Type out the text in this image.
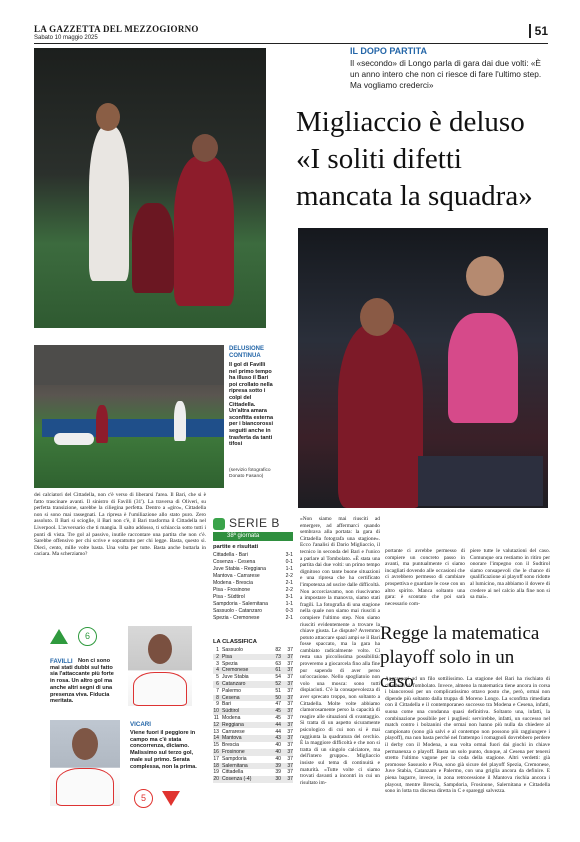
LA GAZZETTA DEL MEZZOGIORNO
Sabato 10 maggio 2025	51
DELUSIONE CONTINUA
Il gol di Favilli nel primo tempo ha illuso il Bari poi crollato nella ripresa sotto i colpi del Cittadella. Un'altra amara sconfitta esterna per i biancorossi seguiti anche in trasferta da tanti tifosi
(servizio fotografico Donato Fasano)
IL DOPO PARTITA
Il «secondo» di Longo parla di gara dai due volti: «È un anno intero che non ci riesce di fare l'ultimo step. Ma vogliamo crederci»
Migliaccio è deluso «I soliti difetti mancata la squadra»
dei calciatori del Cittadella, non c'è verso di liberarsi l'area. Il Bari, che si è fatto trascinare avanti. Il sinistro di Favilli (31'). La traversa di Oliveri, su perfetta transizione, sarebbe la ciliegina perfetta. Dentro a «giro», Cittadella non si sono mai rassegnati. La ripresa è l'umiliazione allo stato puro. Zero assoluto. Il Bari si scioglie, il Bari non c'è, il Bari trasforma il Cittadella nel Liverpool. L'avversario che ti mangia. Il salto addosso, ti schiaccia sotto tutti i punti di vista. Tre gol al passivo, inutile raccontare una partita che non c'è. Sarebbe offensivo per chi scrive e soprattutto per chi legge. Basta, questo sì. Dieci, cento, mille volte basta. Una volta per tutte. Basta anche buttarla in caciara. Ma scherziamo?
SERIE B
38ª giornata
partite e risultati
Cittadella - Bari	3-1
Cosenza - Cesena	0-1
Juve Stabia - Reggiana	1-1
Mantova - Carrarese	2-2
Modena - Brescia	2-1
Pisa - Frosinone	2-2
Pisa - Südtirol	3-1
Sampdoria - Salernitana	1-1
Sassuolo - Catanzaro	0-3
Spezia - Cremonese	2-1
LA CLASSIFICA
1 Sassuolo	82	37
2 Pisa	73	37
3 Spezia	63	37
4 Cremonese	61	37
5 Juve Stabia	54	37
6 Catanzaro	52	37
7 Palermo	51	37
8 Cesena	50	37
9 Bari	47	37
10 Südtirol	45	37
11 Modena	45	37
12 Reggiana	44	37
13 Carrarese	44	37
14 Mantova	43	37
15 Brescia	40	37
16 Frosinone	40	37
17 Sampdoria	40	37
18 Salernitana	39	37
19 Cittadella	39	37
20 Cosenza (-4)	30	37
«Non siamo mai riusciti ad emergere, ad affermarci quando sembrava alla portata: la gara di Cittadella fotografa una stagione». Ecco l'analisi di Dario Migliaccio, il tecnico in seconda del Bari e l'unico a parlare al Tombolato. «È stata una partita dai due volti: un primo tempo dignitoso con tante buone situazioni e una ripresa che ha certificato l'impotenza ad uscire dalle difficoltà. Non accorciavamo, non riuscivamo a impostare la manovra, siamo stati fragili. La fotografia di una stagione nella quale non siamo mai riusciti a compiere l'ultimo step. Non siamo riusciti evidentemente a trovare la chiave giusta. Le dispute? Avremmo potuto attaccare spazi ampi se il Bari fosse spaccato, ma la gara ha cambiato radicalmente volto. Ci resta una piccolissima possibilità: proveremo a giocarcela fino alla fine pur sapendo di aver perso un'occasione. Nello spogliatoio non volo una mosca: sono tutti dispiaciuti. C'è la consapevolezza di aver sprecato troppo, non soltanto a Cittadella. Molte volte abbiamo clamorosamente perso la capacità di reagire alle situazioni di svantaggio. Si tratta di un aspetto sicuramente psicologico di cui non si è mai raggiunta la quadratura del cerchio. È la maggiore difficoltà e che non si tratta di un singolo calciatore, ma dell'intero gruppo». Migliaccio insiste sul tema di continuità e maturità. «Tutte volte ci siamo trovati davanti a incontri in cui un risultato im-
portante ci avrebbe permesso di compiere un concreto passo in avanti, ma puntualmente ci siamo incagliati dovendo alle occasioni che ci avrebbero permesso di cambiare prospettiva e guardare le cose con un altro spirito. Manca soltanto una gara: è scontato che poi sarà necessario com-
piere tutte le valutazioni del caso. Comunque ora restiamo in ritiro per onorare l'impegno con il Sudtirol siamo consapevoli che le chance di qualificazione ai playoff sono ridotte al lumicino, ma abbiamo il dovere di credere ai nel calcio alla fine non si sa mai».
Regge la matematica playoff solo in un caso
Aggrappati ad un filo sottilissimo. La stagione del Bari ha rischiato di chiudersi al Tombolato. Invece, almeno la matematica tiene ancora in corsa i biancorossi per un complicatissimo ottavo posto che, però, ormai non dipende più soltanto dalla truppa di Moreno Longo. La sconfitta rimediata con il Cittadella e il contemporaneo successo tra Modena e Cesena, infatti, suona come una condanna quasi definitiva. Soltanto una, infatti, la combinazione possibile per i pugliesi: servirebbe, infatti, un successo nel match contro i bolzanini che ormai non hanno più nulla da chiedere al campionato (sono già salvi e al contempo non possono più raggiungere i playoff), ma non basta perché nel frattempo i romagnoli dovrebbero perdere il derby con il Modena, a sua volta ormai fuori dai giochi in chiave permanenza o playoff. Basta un solo punto, dunque, al Cesena per tenersi stretto l'ultimo vagone per la coda della stagione. Altri verdetti: già promosse Sassuolo e Pisa, sono già sicure del playoff Spezia, Cremonese, Juve Stabia, Catanzaro e Palermo, con una griglia ancora da definire. E piena bagarre, invece, in zona retrocessione il Mantova rischia ancora i playout, mentre Brescia, Sampdoria, Frosinone, Salernitana e Cittadella sono in lotta tra discesa diretta in C e spareggi salvezza.
6
FAVILLI Non ci sono mai stati dubbi sul fatto sia l'attaccante più forte in rosa. Un altro gol ma anche altri segni di una presenza viva. Fiducia meritata.
VICARI
Viene fuori il peggiore in campo ma c'è stata concorrenza, diciamo. Malissimo sul terzo gol, male sul primo. Serata complessa, non la prima.
5
